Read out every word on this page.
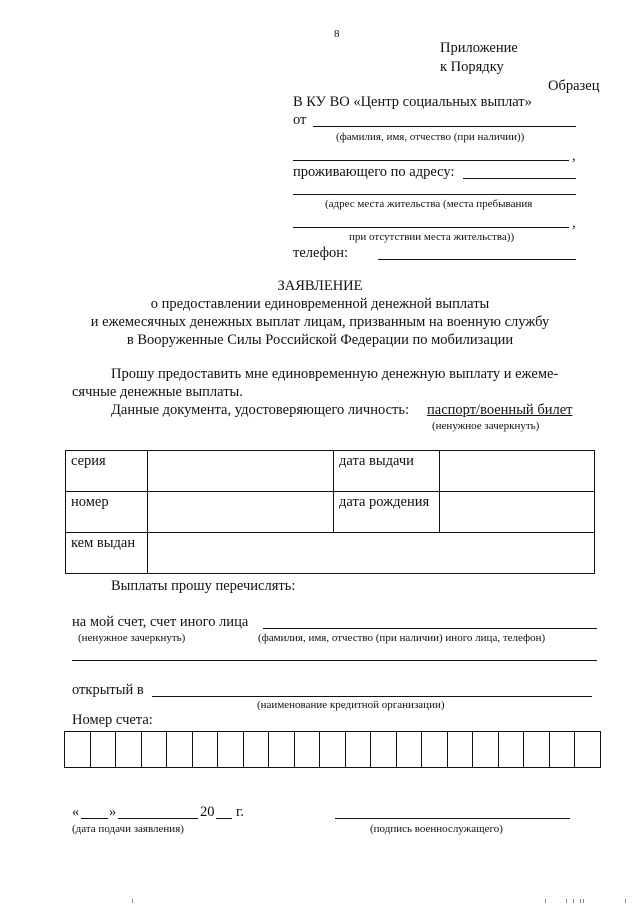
8
Приложение
к Порядку
Образец
В КУ ВО «Центр социальных выплат»
от
(фамилия, имя, отчество (при наличии))
,
проживающего по адресу:
(адрес места жительства (места пребывания
,
при отсутствии места жительства))
телефон:
ЗАЯВЛЕНИЕ
о предоставлении единовременной денежной выплаты
и ежемесячных денежных выплат лицам, призванным на военную службу
в Вооруженные Силы Российской Федерации по мобилизации
Прошу предоставить мне единовременную денежную выплату и ежеме-
сячные денежные выплаты.
Данные документа, удостоверяющего личность: паспорт/военный билет
(ненужное зачеркнуть)
серия		дата выдачи	
номер		дата рождения	
кем выдан			
Выплаты прошу перечислять:
на мой счет, счет иного лица
(ненужное зачеркнуть)	(фамилия, имя, отчество (при наличии) иного лица, телефон)
открытый в
(наименование кредитной организации)
Номер счета:
« »	20 г.
(дата подачи заявления)	(подпись военнослужащего)
